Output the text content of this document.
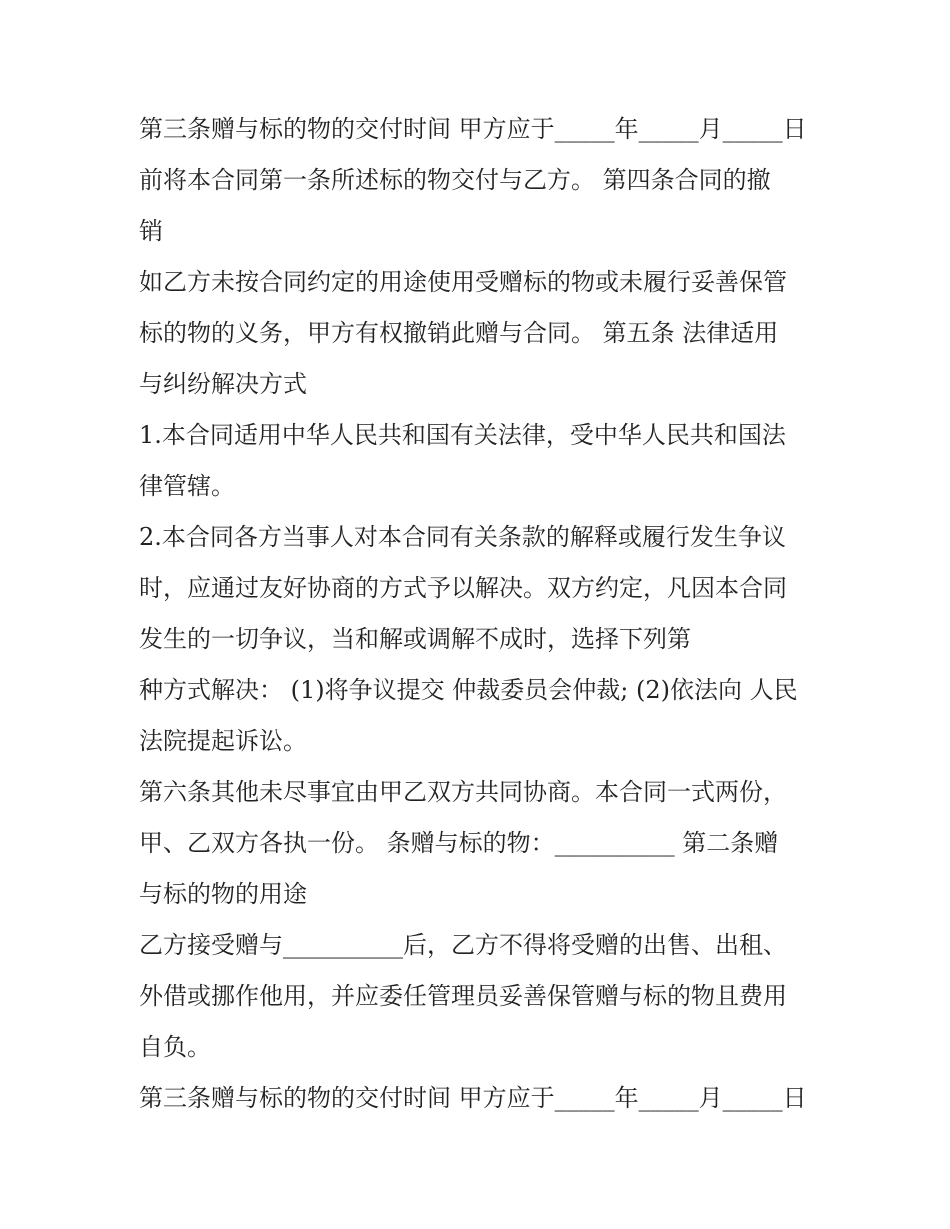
第三条赠与标的物的交付时间 甲方应于_____年_____月_____日
前将本合同第一条所述标的物交付与乙方。 第四条合同的撤
销
如乙方未按合同约定的用途使用受赠标的物或未履行妥善保管
标的物的义务，甲方有权撤销此赠与合同。 第五条 法律适用
与纠纷解决方式
1.本合同适用中华人民共和国有关法律，受中华人民共和国法
律管辖。
2.本合同各方当事人对本合同有关条款的解释或履行发生争议
时，应通过友好协商的方式予以解决。双方约定，凡因本合同
发生的一切争议，当和解或调解不成时，选择下列第
种方式解决： (1)将争议提交 仲裁委员会仲裁; (2)依法向 人民
法院提起诉讼。
第六条其他未尽事宜由甲乙双方共同协商。本合同一式两份，
甲、乙双方各执一份。 条赠与标的物：__________ 第二条赠
与标的物的用途
乙方接受赠与__________后，乙方不得将受赠的出售、出租、
外借或挪作他用，并应委任管理员妥善保管赠与标的物且费用
自负。
第三条赠与标的物的交付时间 甲方应于_____年_____月_____日
